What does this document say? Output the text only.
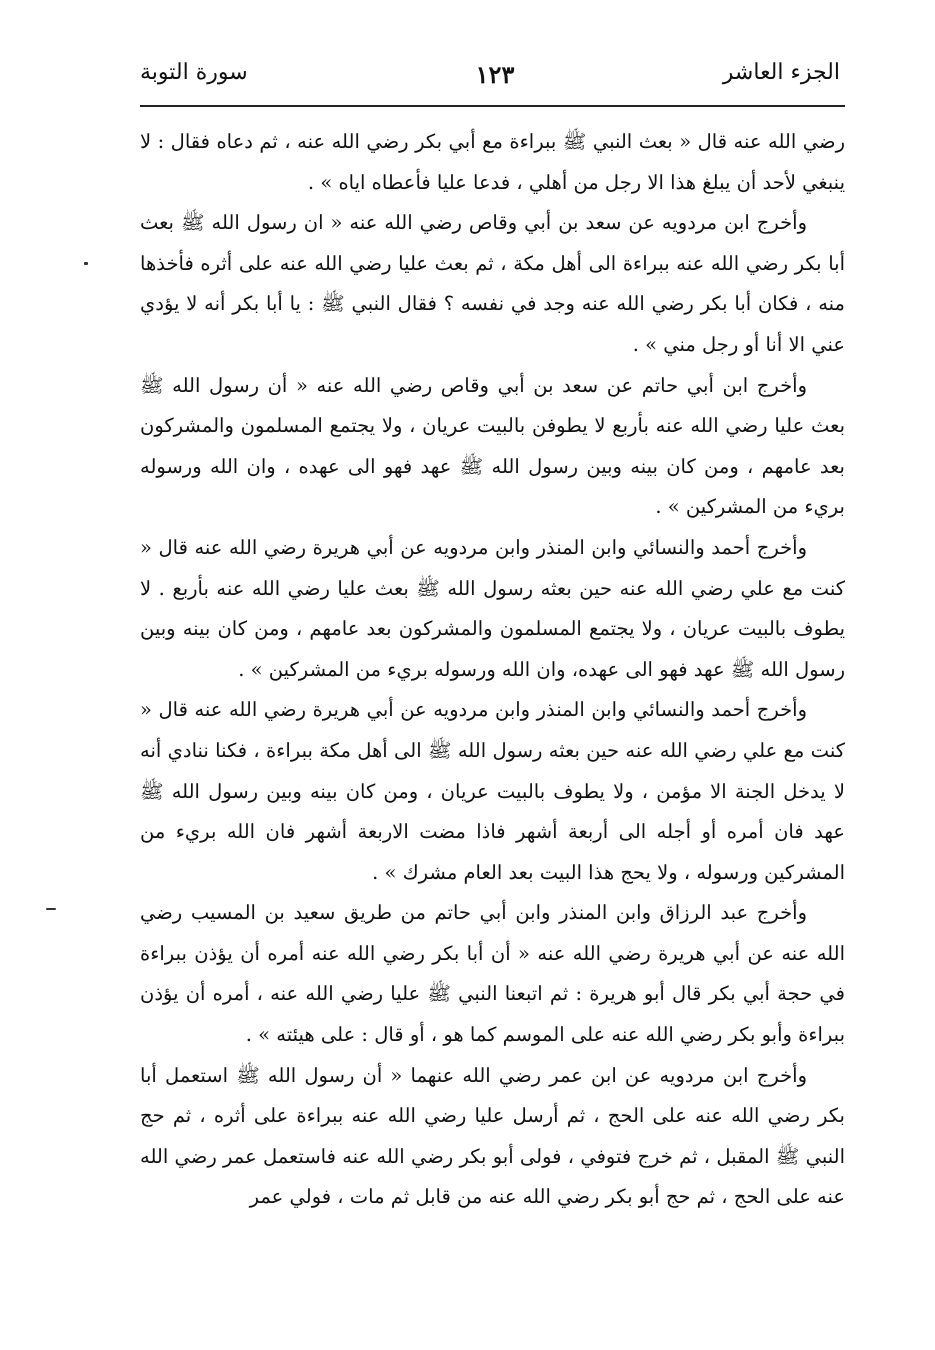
سورة التوبة	١٢٣	الجزء العاشر

رضي الله عنه قال « بعث النبي ﷺ ببراءة مع أبي بكر رضي الله عنه ، ثم دعاه فقال : لا ينبغي لأحد أن يبلغ هذا الا رجل من أهلي ، فدعا عليا فأعطاه اياه » .

وأخرج ابن مردويه عن سعد بن أبي وقاص رضي الله عنه « ان رسول الله ﷺ بعث أبا بكر رضي الله عنه ببراءة الى أهل مكة ، ثم بعث عليا رضي الله عنه على أثره فأخذها منه ، فكان أبا بكر رضي الله عنه وجد في نفسه ؟ فقال النبي ﷺ : يا أبا بكر أنه لا يؤدي عني الا أنا أو رجل مني » .

وأخرج ابن أبي حاتم عن سعد بن أبي وقاص رضي الله عنه « أن رسول الله ﷺ بعث عليا رضي الله عنه بأربع لا يطوفن بالبيت عريان ، ولا يجتمع المسلمون والمشركون بعد عامهم ، ومن كان بينه وبين رسول الله ﷺ عهد فهو الى عهده ، وان الله ورسوله بريء من المشركين » .

وأخرج أحمد والنسائي وابن المنذر وابن مردويه عن أبي هريرة رضي الله عنه قال « كنت مع علي رضي الله عنه حين بعثه رسول الله ﷺ بعث عليا رضي الله عنه بأربع . لا يطوف بالبيت عريان ، ولا يجتمع المسلمون والمشركون بعد عامهم ، ومن كان بينه وبين رسول الله ﷺ عهد فهو الى عهده، وان الله ورسوله بريء من المشركين » .

وأخرج أحمد والنسائي وابن المنذر وابن مردويه عن أبي هريرة رضي الله عنه قال « كنت مع علي رضي الله عنه حين بعثه رسول الله ﷺ الى أهل مكة ببراءة ، فكنا ننادي أنه لا يدخل الجنة الا مؤمن ، ولا يطوف بالبيت عريان ، ومن كان بينه وبين رسول الله ﷺ عهد فان أمره أو أجله الى أربعة أشهر فاذا مضت الاربعة أشهر فان الله بريء من المشركين ورسوله ، ولا يحج هذا البيت بعد العام مشرك » .

وأخرج عبد الرزاق وابن المنذر وابن أبي حاتم من طريق سعيد بن المسيب رضي الله عنه عن أبي هريرة رضي الله عنه « أن أبا بكر رضي الله عنه أمره أن يؤذن ببراءة في حجة أبي بكر قال أبو هريرة : ثم اتبعنا النبي ﷺ عليا رضي الله عنه ، أمره أن يؤذن ببراءة وأبو بكر رضي الله عنه على الموسم كما هو ، أو قال : على هيئته » .

وأخرج ابن مردويه عن ابن عمر رضي الله عنهما « أن رسول الله ﷺ استعمل أبا بكر رضي الله عنه على الحج ، ثم أرسل عليا رضي الله عنه ببراءة على أثره ، ثم حج النبي ﷺ المقبل ، ثم خرج فتوفي ، فولى أبو بكر رضي الله عنه فاستعمل عمر رضي الله عنه على الحج ، ثم حج أبو بكر رضي الله عنه من قابل ثم مات ، فولي عمر
